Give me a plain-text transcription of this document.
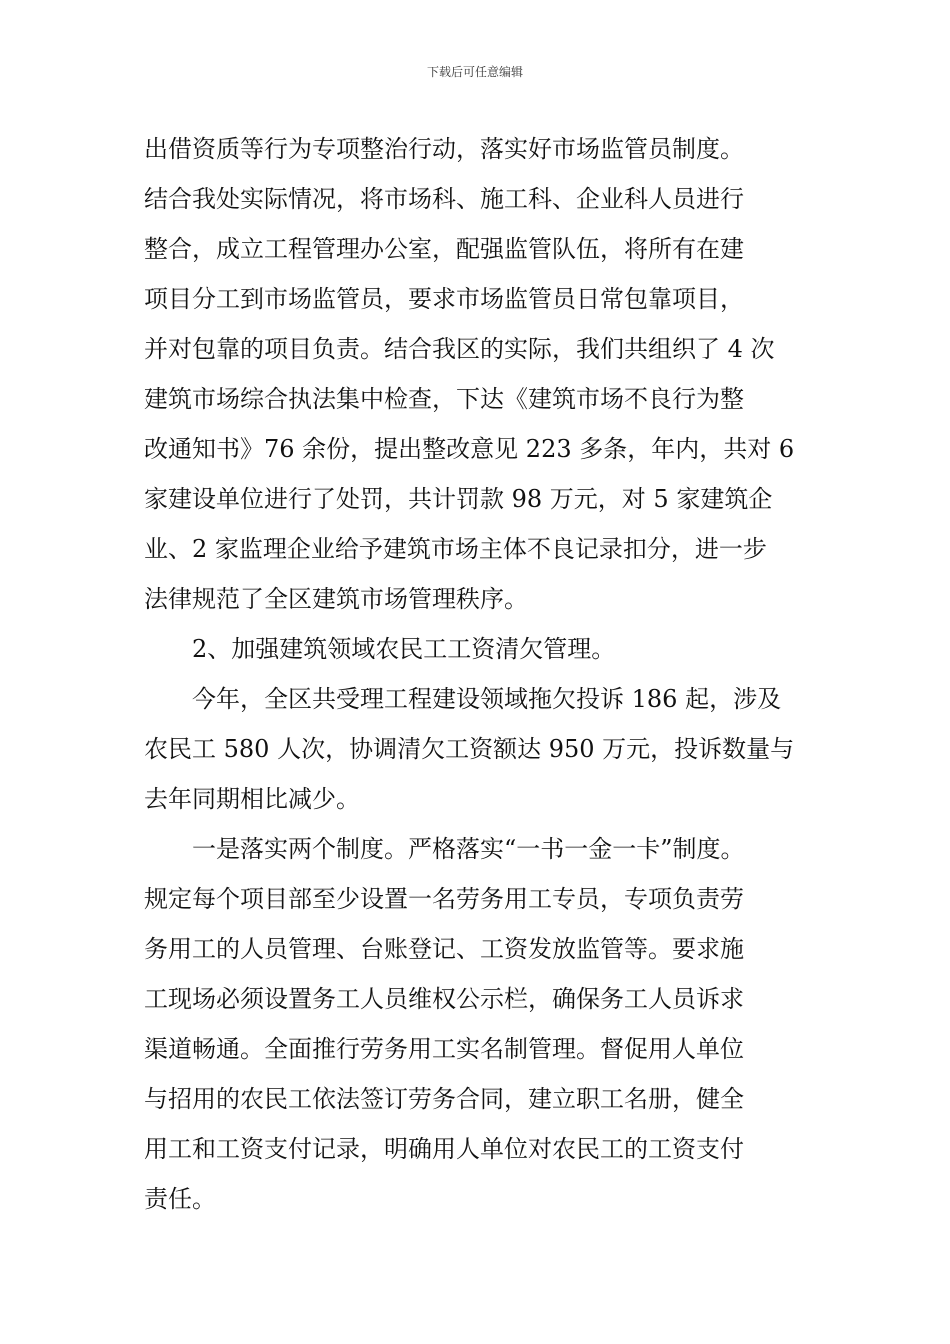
下载后可任意编辑
出借资质等行为专项整治行动，落实好市场监管员制度。
结合我处实际情况，将市场科、施工科、企业科人员进行
整合，成立工程管理办公室，配强监管队伍，将所有在建
项目分工到市场监管员，要求市场监管员日常包靠项目，
并对包靠的项目负责。结合我区的实际，我们共组织了 4 次
建筑市场综合执法集中检查，下达《建筑市场不良行为整
改通知书》76 余份，提出整改意见 223 多条，年内，共对 6
家建设单位进行了处罚，共计罚款 98 万元，对 5 家建筑企
业、2 家监理企业给予建筑市场主体不良记录扣分，进一步
法律规范了全区建筑市场管理秩序。
2、加强建筑领域农民工工资清欠管理。
今年，全区共受理工程建设领域拖欠投诉 186 起，涉及
农民工 580 人次，协调清欠工资额达 950 万元，投诉数量与
去年同期相比减少。
一是落实两个制度。严格落实“一书一金一卡”制度。
规定每个项目部至少设置一名劳务用工专员，专项负责劳
务用工的人员管理、台账登记、工资发放监管等。要求施
工现场必须设置务工人员维权公示栏，确保务工人员诉求
渠道畅通。全面推行劳务用工实名制管理。督促用人单位
与招用的农民工依法签订劳务合同，建立职工名册，健全
用工和工资支付记录，明确用人单位对农民工的工资支付
责任。
